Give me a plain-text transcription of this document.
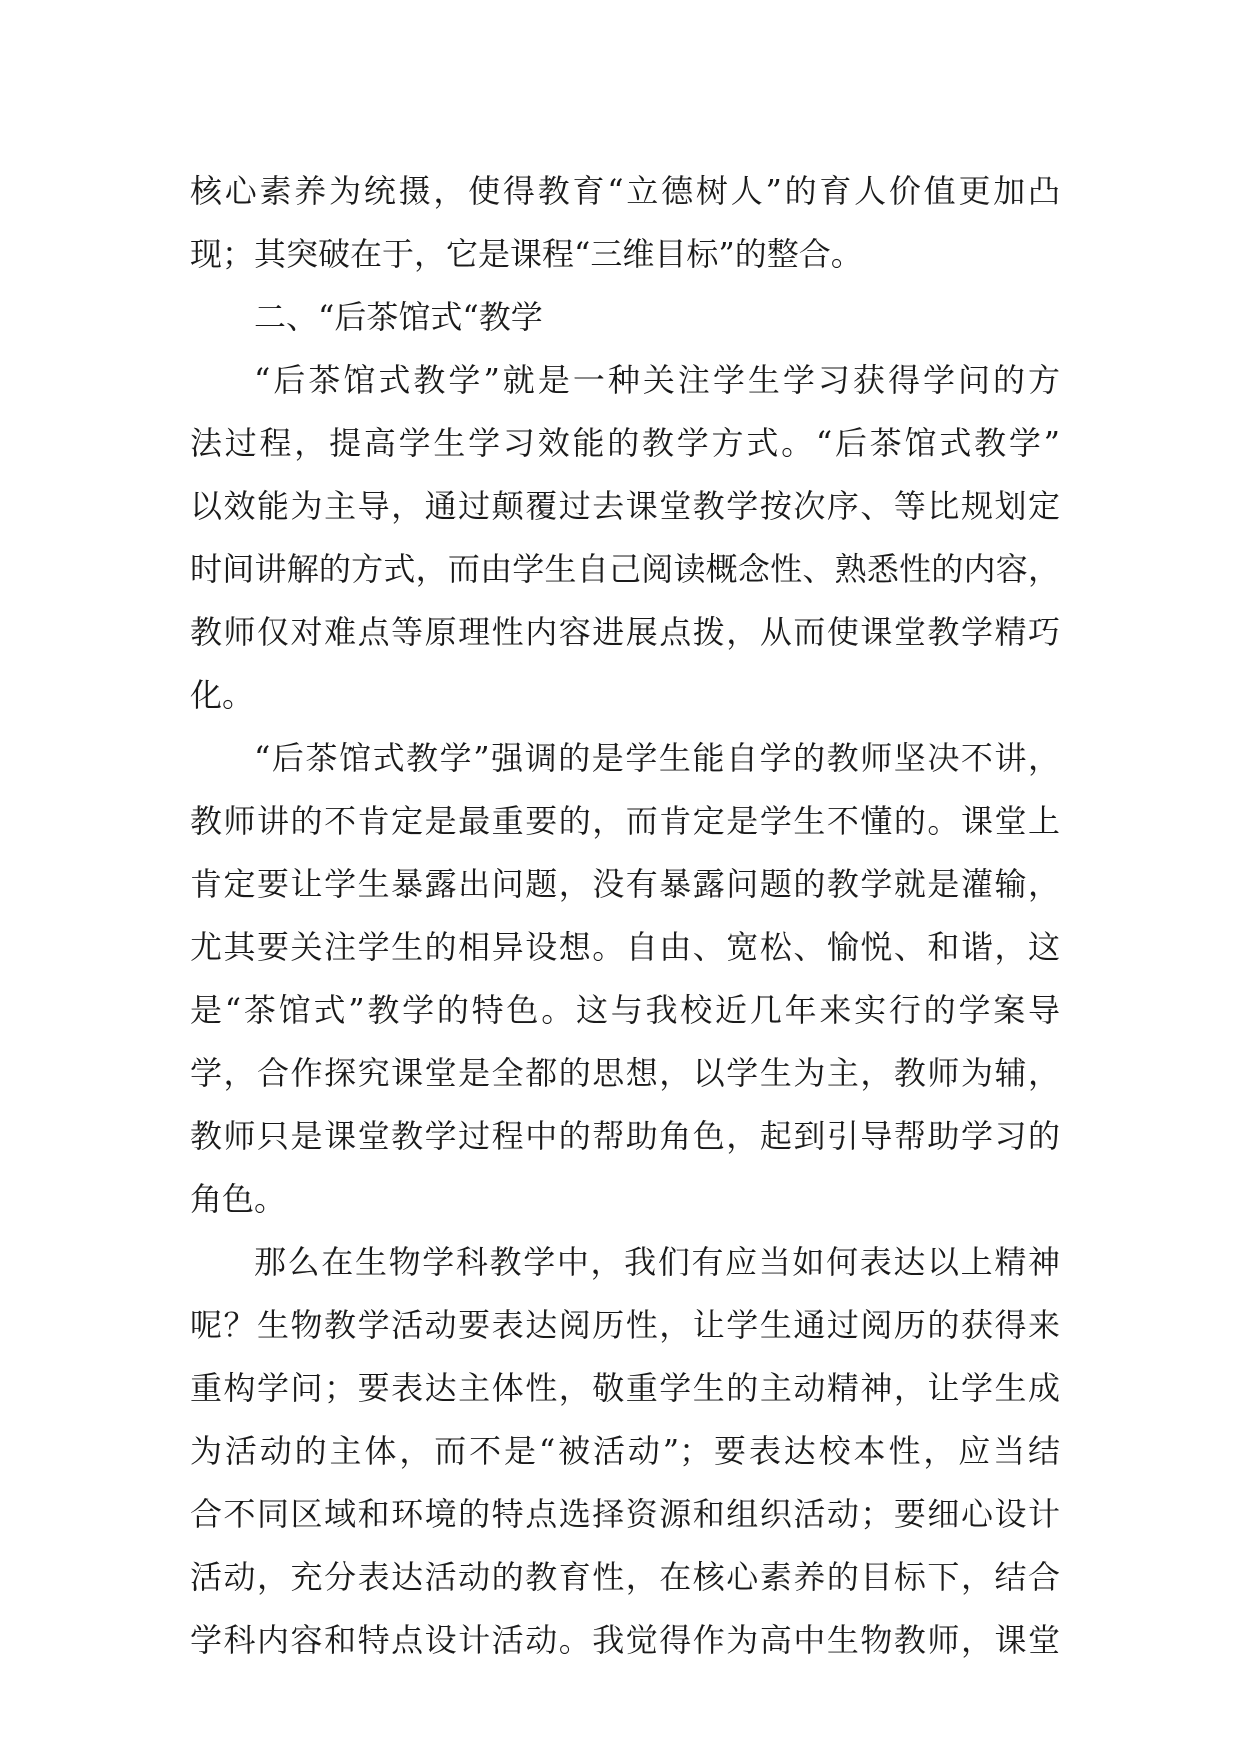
核心素养为统摄，使得教育“立德树人”的育人价值更加凸
现；其突破在于，它是课程“三维目标”的整合。
二、“后茶馆式“教学
“后茶馆式教学”就是一种关注学生学习获得学问的方
法过程，提高学生学习效能的教学方式。“后茶馆式教学”
以效能为主导，通过颠覆过去课堂教学按次序、等比规划定
时间讲解的方式，而由学生自己阅读概念性、熟悉性的内容，
教师仅对难点等原理性内容进展点拨，从而使课堂教学精巧
化。
“后茶馆式教学”强调的是学生能自学的教师坚决不讲，
教师讲的不肯定是最重要的，而肯定是学生不懂的。课堂上
肯定要让学生暴露出问题，没有暴露问题的教学就是灌输，
尤其要关注学生的相异设想。自由、宽松、愉悦、和谐，这
是“茶馆式”教学的特色。这与我校近几年来实行的学案导
学，合作探究课堂是全都的思想，以学生为主，教师为辅，
教师只是课堂教学过程中的帮助角色，起到引导帮助学习的
角色。
那么在生物学科教学中，我们有应当如何表达以上精神
呢？生物教学活动要表达阅历性，让学生通过阅历的获得来
重构学问；要表达主体性，敬重学生的主动精神，让学生成
为活动的主体，而不是“被活动”；要表达校本性，应当结
合不同区域和环境的特点选择资源和组织活动；要细心设计
活动，充分表达活动的教育性，在核心素养的目标下，结合
学科内容和特点设计活动。我觉得作为高中生物教师，课堂
